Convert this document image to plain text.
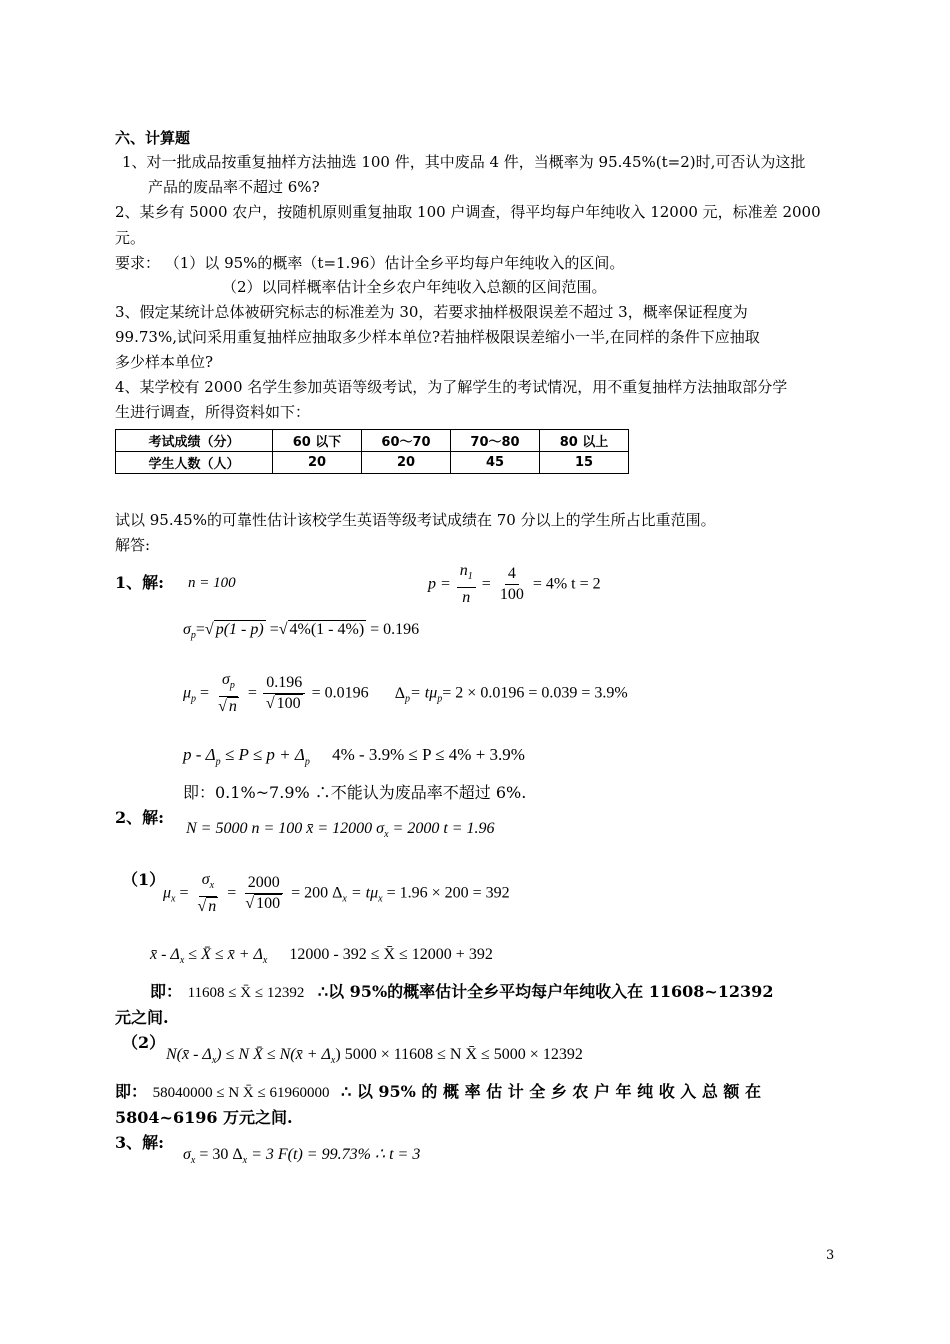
六、计算题
1、对一批成品按重复抽样方法抽选 100 件，其中废品 4 件，当概率为 95.45%(t=2)时,可否认为这批
产品的废品率不超过 6%?
2、某乡有 5000 农户，按随机原则重复抽取 100 户调查，得平均每户年纯收入 12000 元，标准差 2000
元。
要求： （1）以 95%的概率（t=1.96）估计全乡平均每户年纯收入的区间。
（2）以同样概率估计全乡农户年纯收入总额的区间范围。
3、假定某统计总体被研究标志的标准差为 30，若要求抽样极限误差不超过 3，概率保证程度为
99.73%,试问采用重复抽样应抽取多少样本单位?若抽样极限误差缩小一半,在同样的条件下应抽取
多少样本单位?
4、某学校有 2000 名学生参加英语等级考试，为了解学生的考试情况，用不重复抽样方法抽取部分学
生进行调查，所得资料如下：
考试成绩（分）	60 以下	60～70	70～80	80 以上
学生人数（人）	20	20	45	15
试以 95.45%的可靠性估计该校学生英语等级考试成绩在 70 分以上的学生所占比重范围。
解答:
1、解: n = 100	$p = \frac{n_1}{n} = \frac{4}{100} = 4\%$ t = 2
$\sigma_p=√$ p(1 - p) =√ 4%(1 - 4%) = 0.196
$\mu_p = \frac{\sigma_p}{√ n} = \frac{0.196}{√ 100} = 0.0196$ $\Delta_p= t\mu_p= 2 \times 0.0196 = 0.039 = 3.9\%$
$p - \Delta_p \le P \le p + \Delta_p$ 4% - 3.9% ≤ P ≤ 4% + 3.9%
即：0.1%~7.9% ∴不能认为废品率不超过 6%.
2、解:
N = 5000 n = 100 x̄ = 12000 $\sigma_x = 2000$ t = 1.96
（1）
$\mu_x = \frac{\sigma_x}{√ n} = \frac{2000}{√ 100} = 200$ $\Delta_x = t\mu_x = 1.96 \times 200 = 392$
x̄ - $\Delta_x$ ≤ X̄ ≤ x̄ + $\Delta_x$ 12000 - 392 ≤ X̄ ≤ 12000 + 392
即： 11608 ≤ X̄ ≤ 12392 ∴以 95%的概率估计全乡平均每户年纯收入在 11608~12392
元之间.
（2）
N(x̄ - $\Delta_x) \le N$ X̄ ≤ N(x̄ + $\Delta_x$) 5000 × 11608 ≤ N X̄ ≤ 5000 × 12392
即： 58040000 ≤ N X̄ ≤ 61960000 ∴ 以 95% 的 概 率 估 计 全 乡 农 户 年 纯 收 入 总 额 在
5804~6196 万元之间.
3、解:
$\sigma_x = 30$ $\Delta_x = 3$ F(t) = 99.73% ∴ t = 3
3
